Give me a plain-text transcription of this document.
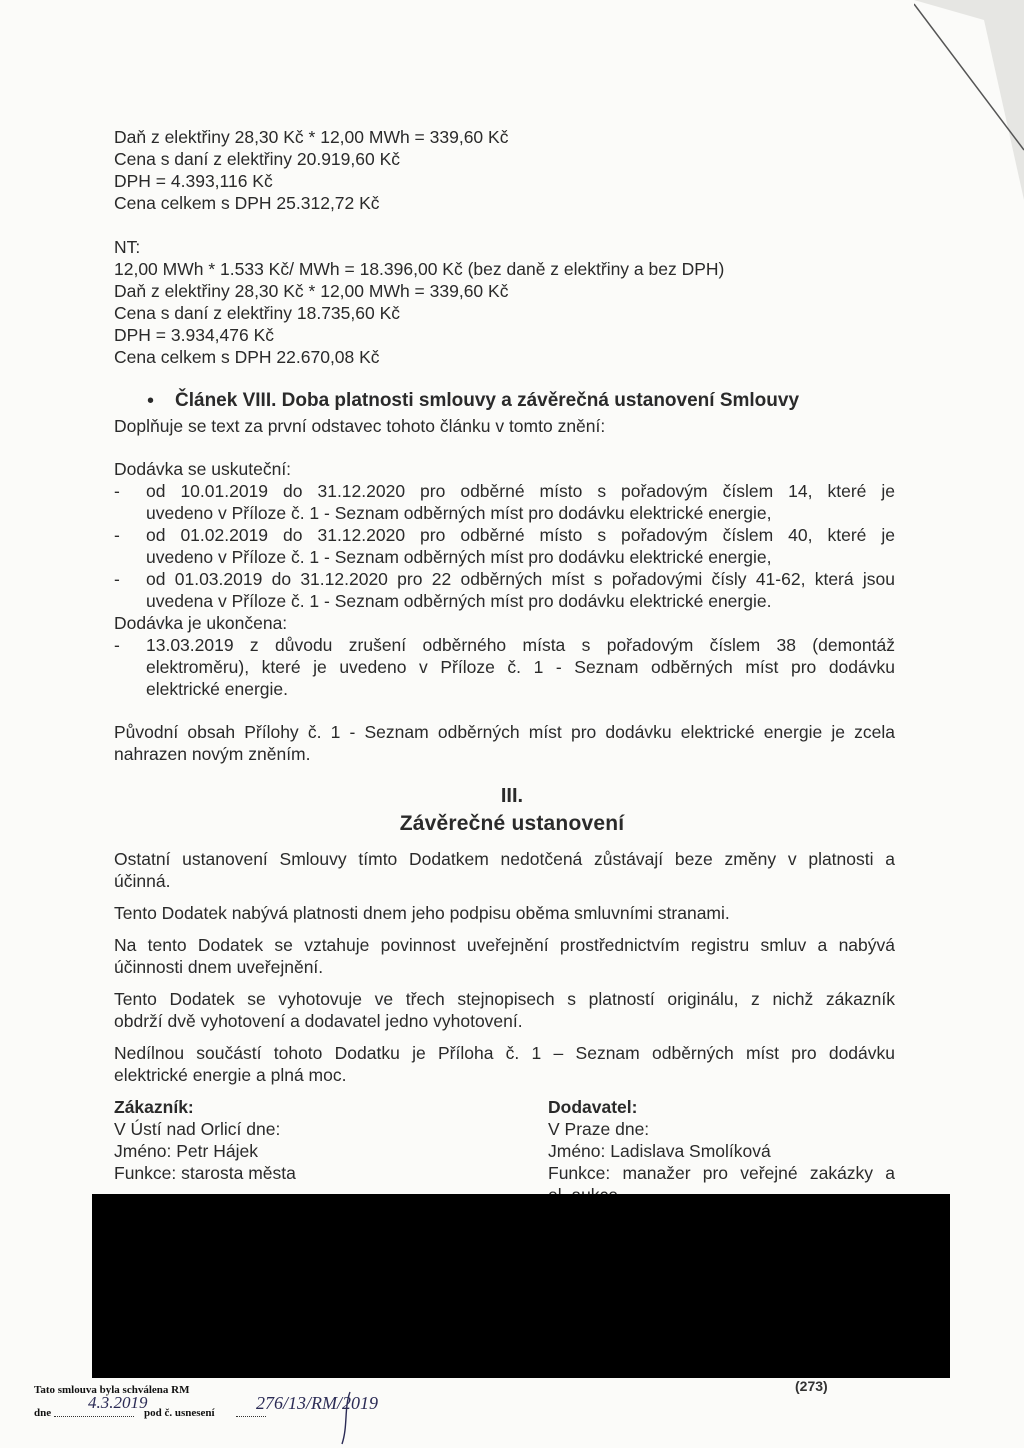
Daň z elektřiny 28,30 Kč * 12,00 MWh = 339,60 Kč
Cena s daní z elektřiny 20.919,60 Kč
DPH = 4.393,116 Kč
Cena celkem s DPH 25.312,72 Kč
NT:
12,00 MWh * 1.533 Kč/ MWh = 18.396,00 Kč (bez daně z elektřiny a bez DPH)
Daň z elektřiny 28,30 Kč * 12,00 MWh = 339,60 Kč
Cena s daní z elektřiny 18.735,60 Kč
DPH = 3.934,476 Kč
Cena celkem s DPH 22.670,08 Kč
• Článek VIII. Doba platnosti smlouvy a závěrečná ustanovení Smlouvy
Doplňuje se text za první odstavec tohoto článku v tomto znění:
Dodávka se uskuteční:
- od 10.01.2019 do 31.12.2020 pro odběrné místo s pořadovým číslem 14, které je
uvedeno v Příloze č. 1 - Seznam odběrných míst pro dodávku elektrické energie,
- od 01.02.2019 do 31.12.2020 pro odběrné místo s pořadovým číslem 40, které je
uvedeno v Příloze č. 1 - Seznam odběrných míst pro dodávku elektrické energie,
- od 01.03.2019 do 31.12.2020 pro 22 odběrných míst s pořadovými čísly 41-62, která jsou
uvedena v Příloze č. 1 - Seznam odběrných míst pro dodávku elektrické energie.
Dodávka je ukončena:
- 13.03.2019 z důvodu zrušení odběrného místa s pořadovým číslem 38 (demontáž
elektroměru), které je uvedeno v Příloze č. 1 - Seznam odběrných míst pro dodávku
elektrické energie.
Původní obsah Přílohy č. 1 - Seznam odběrných míst pro dodávku elektrické energie je zcela
nahrazen novým zněním.
III.
Závěrečné ustanovení
Ostatní ustanovení Smlouvy tímto Dodatkem nedotčená zůstávají beze změny v platnosti a
účinná.
Tento Dodatek nabývá platnosti dnem jeho podpisu oběma smluvními stranami.
Na tento Dodatek se vztahuje povinnost uveřejnění prostřednictvím registru smluv a nabývá
účinnosti dnem uveřejnění.
Tento Dodatek se vyhotovuje ve třech stejnopisech s platností originálu, z nichž zákazník
obdrží dvě vyhotovení a dodavatel jedno vyhotovení.
Nedílnou součástí tohoto Dodatku je Příloha č. 1 – Seznam odběrných míst pro dodávku
elektrické energie a plná moc.
Zákazník:
V Ústí nad Orlicí dne:
Jméno: Petr Hájek
Funkce: starosta města
Dodavatel:
V Praze dne:
Jméno: Ladislava Smolíková
Funkce: manažer pro veřejné zakázky a
(273)
Tato smlouva byla schválena RM
dne
4.3.2019
pod č. usnesení 276/13/RM/2019
